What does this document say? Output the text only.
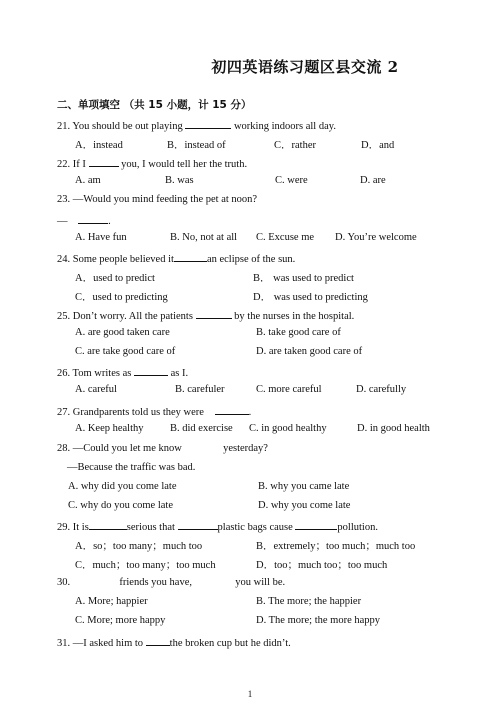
初四英语练习题区县交流 2
二、单项填空 （共 15 小题，计 15 分）
21. You should be out playing	working indoors all day.
A．instead	B．instead of	C．rather	D．and
22. If I	you, I would tell her the truth.
A. am	B. was	C. were	D. are
23. —Would you mind feeding the pet at noon?
—	.
A. Have fun	B. No, not at all C. Excuse me D. You’re welcome
24. Some people believed it	an eclipse of the sun.
A．used to predict	B． was used to predict
C．used to predicting	D． was used to predicting
25. Don’t worry. All the patients	by the nurses in the hospital.
A. are good taken care	B. take good care of
C. are take good care of	D. are taken good care of
26. Tom writes as	as I.
A. careful	B. carefuler	C. more careful	D. carefully
27. Grandparents told us they were	.
A. Keep healthy	B. did exercise C. in good healthy	D. in good health
28. —Could you let me know	yesterday?
—Because the traffic was bad.
A. why did you come late	B. why you came late
C. why do you come late	D. why you come late
29. It is	serious that	plastic bags cause	pollution.
A．so；too many；much too	B．extremely；too much；much too
C．much；too many；too much	D．too；much too；too much
30.	friends you have,	you will be.
A. More; happier	B. The more; the happier
C. More; more happy	D. The more; the more happy
31. —I asked him to	the broken cup but he didn’t.
1
